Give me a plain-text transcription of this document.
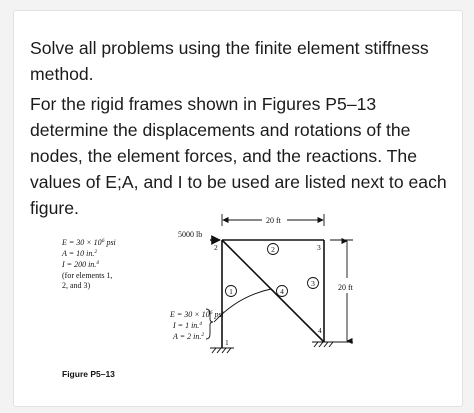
Solve all problems using the finite element stiffness method.

For the rigid frames shown in Figures P5–13 determine the displacements and rotations of the nodes, the element forces, and the reactions. The values of E;A, and I to be used are listed next to each figure.

$E = 30 \times 10^6$ psi
A = 10 in.$^2$
I = 200 in.$^4$
(for elements 1,
2, and 3)
$E = 30 \times 10^6$ psi
I = 1 in.$^4$
A = 2 in.$^2$
5000 lb
20 ft
20 ft
1
2	3
4
1
2
3
4
Figure P5–13
